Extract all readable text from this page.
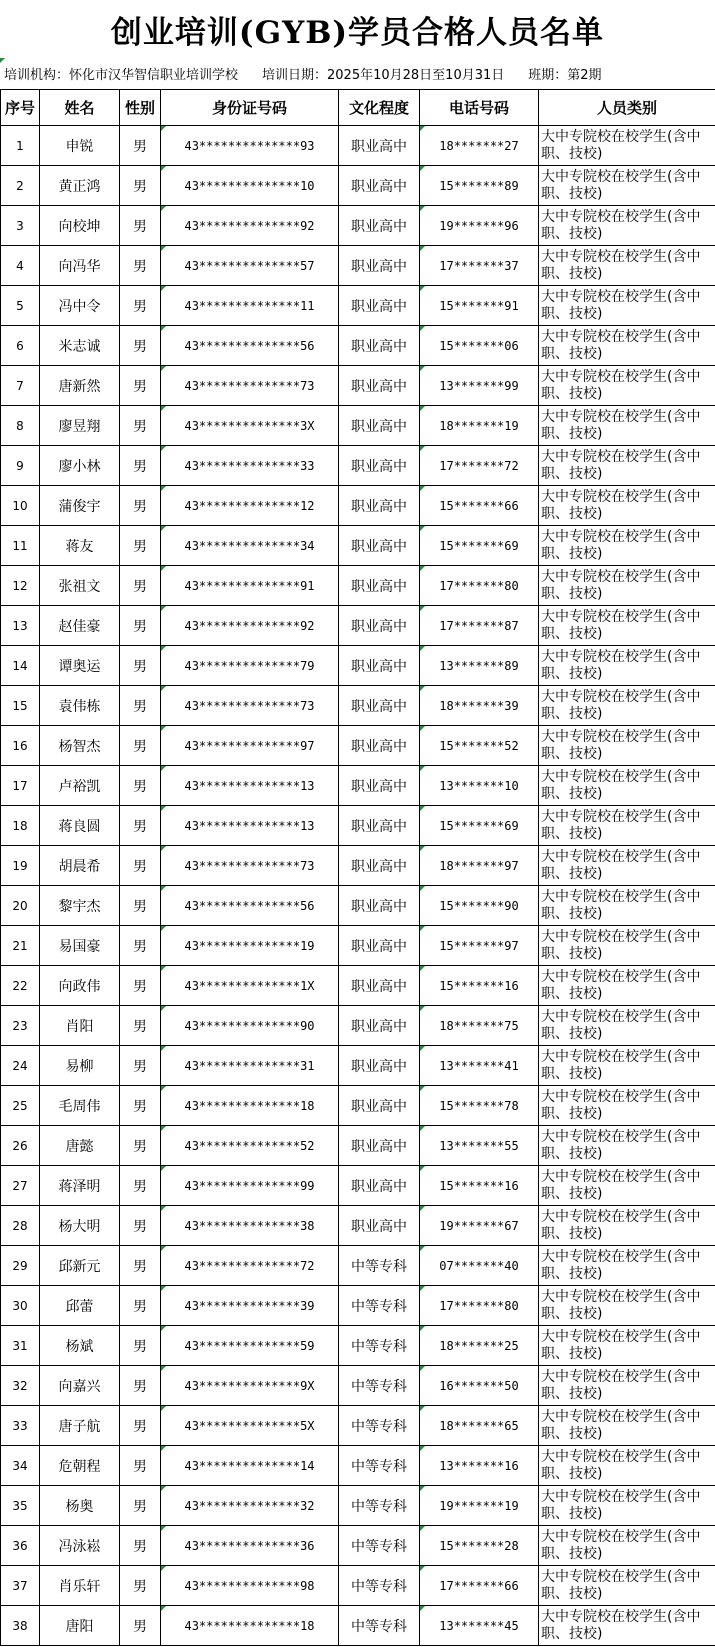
创业培训(GYB)学员合格人员名单
培训机构：怀化市汉华智信职业培训学校 培训日期：2025年10月28日至10月31日 班期：第2期
序号	姓名	性别	身份证号码	文化程度	电话号码	人员类别
1	申锐	男	43**************93	职业高中	18*******27	大中专院校在校学生(含中职、技校)
2	黄正鸿	男	43**************10	职业高中	15*******89	大中专院校在校学生(含中职、技校)
3	向校坤	男	43**************92	职业高中	19*******96	大中专院校在校学生(含中职、技校)
4	向冯华	男	43**************57	职业高中	17*******37	大中专院校在校学生(含中职、技校)
5	冯中令	男	43**************11	职业高中	15*******91	大中专院校在校学生(含中职、技校)
6	米志诚	男	43**************56	职业高中	15*******06	大中专院校在校学生(含中职、技校)
7	唐新然	男	43**************73	职业高中	13*******99	大中专院校在校学生(含中职、技校)
8	廖昱翔	男	43**************3X	职业高中	18*******19	大中专院校在校学生(含中职、技校)
9	廖小林	男	43**************33	职业高中	17*******72	大中专院校在校学生(含中职、技校)
10	蒲俊宇	男	43**************12	职业高中	15*******66	大中专院校在校学生(含中职、技校)
11	蒋友	男	43**************34	职业高中	15*******69	大中专院校在校学生(含中职、技校)
12	张祖文	男	43**************91	职业高中	17*******80	大中专院校在校学生(含中职、技校)
13	赵佳豪	男	43**************92	职业高中	17*******87	大中专院校在校学生(含中职、技校)
14	谭奥运	男	43**************79	职业高中	13*******89	大中专院校在校学生(含中职、技校)
15	袁伟栋	男	43**************73	职业高中	18*******39	大中专院校在校学生(含中职、技校)
16	杨智杰	男	43**************97	职业高中	15*******52	大中专院校在校学生(含中职、技校)
17	卢裕凯	男	43**************13	职业高中	13*******10	大中专院校在校学生(含中职、技校)
18	蒋良圆	男	43**************13	职业高中	15*******69	大中专院校在校学生(含中职、技校)
19	胡晨希	男	43**************73	职业高中	18*******97	大中专院校在校学生(含中职、技校)
20	黎宇杰	男	43**************56	职业高中	15*******90	大中专院校在校学生(含中职、技校)
21	易国豪	男	43**************19	职业高中	15*******97	大中专院校在校学生(含中职、技校)
22	向政伟	男	43**************1X	职业高中	15*******16	大中专院校在校学生(含中职、技校)
23	肖阳	男	43**************90	职业高中	18*******75	大中专院校在校学生(含中职、技校)
24	易柳	男	43**************31	职业高中	13*******41	大中专院校在校学生(含中职、技校)
25	毛周伟	男	43**************18	职业高中	15*******78	大中专院校在校学生(含中职、技校)
26	唐懿	男	43**************52	职业高中	13*******55	大中专院校在校学生(含中职、技校)
27	蒋泽明	男	43**************99	职业高中	15*******16	大中专院校在校学生(含中职、技校)
28	杨大明	男	43**************38	职业高中	19*******67	大中专院校在校学生(含中职、技校)
29	邱新元	男	43**************72	中等专科	07*******40	大中专院校在校学生(含中职、技校)
30	邱蕾	男	43**************39	中等专科	17*******80	大中专院校在校学生(含中职、技校)
31	杨斌	男	43**************59	中等专科	18*******25	大中专院校在校学生(含中职、技校)
32	向嘉兴	男	43**************9X	中等专科	16*******50	大中专院校在校学生(含中职、技校)
33	唐子航	男	43**************5X	中等专科	18*******65	大中专院校在校学生(含中职、技校)
34	危朝程	男	43**************14	中等专科	13*******16	大中专院校在校学生(含中职、技校)
35	杨奥	男	43**************32	中等专科	19*******19	大中专院校在校学生(含中职、技校)
36	冯泳崧	男	43**************36	中等专科	15*******28	大中专院校在校学生(含中职、技校)
37	肖乐轩	男	43**************98	中等专科	17*******66	大中专院校在校学生(含中职、技校)
38	唐阳	男	43**************18	中等专科	13*******45	大中专院校在校学生(含中职、技校)
